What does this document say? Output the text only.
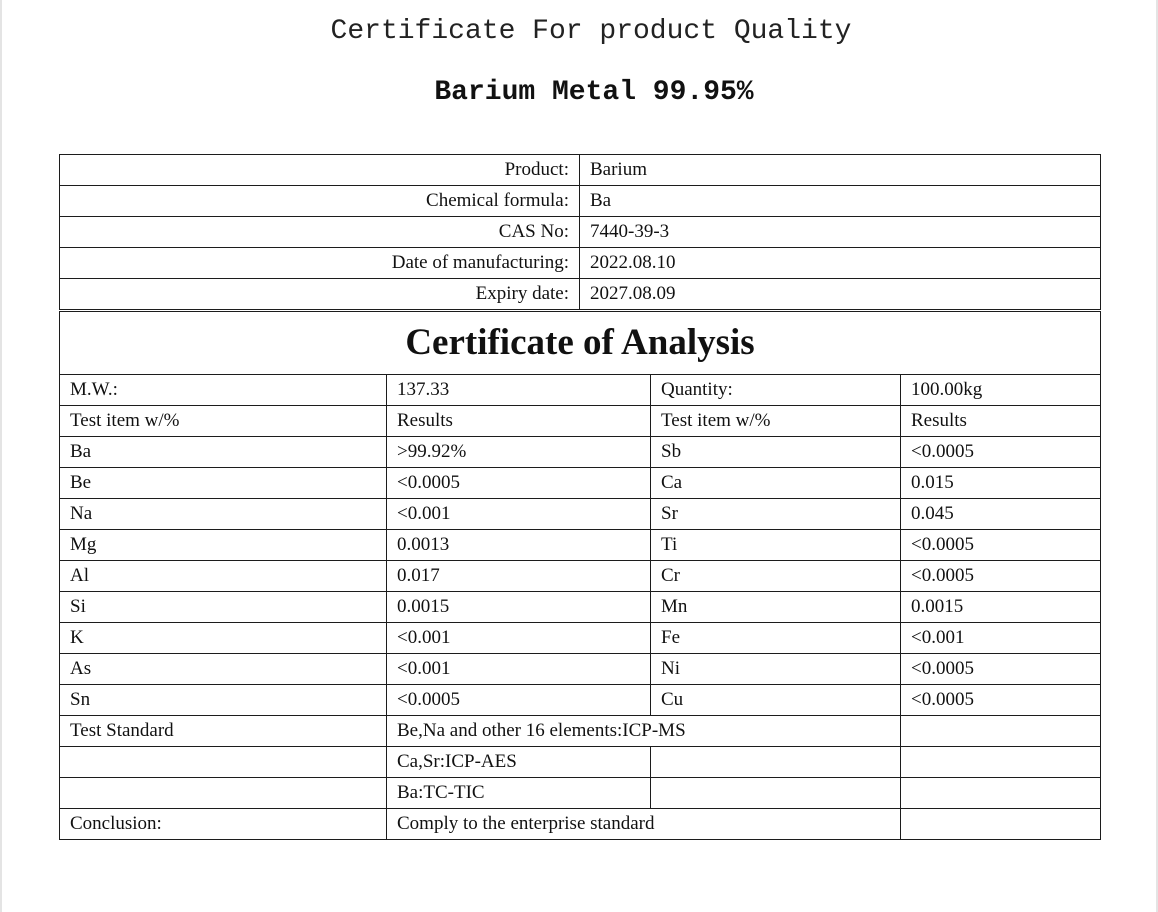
Certificate For product Quality
Barium Metal 99.95%
Product:	Barium
Chemical formula:	Ba
CAS No:	7440-39-3
Date of manufacturing:	2022.08.10
Expiry date:	2027.08.09
Certificate of Analysis			
M.W.:	137.33	Quantity:	100.00kg
Test item w/%	Results	Test item w/%	Results
Ba	>99.92%	Sb	<0.0005
Be	<0.0005	Ca	0.015
Na	<0.001	Sr	0.045
Mg	0.0013	Ti	<0.0005
Al	0.017	Cr	<0.0005
Si	0.0015	Mn	0.0015
K	<0.001	Fe	<0.001
As	<0.001	Ni	<0.0005
Sn	<0.0005	Cu	<0.0005
Test Standard	Be,Na and other 16 elements:ICP-MS		
	Ca,Sr:ICP-AES		
	Ba:TC-TIC		
Conclusion:	Comply to the enterprise standard		
